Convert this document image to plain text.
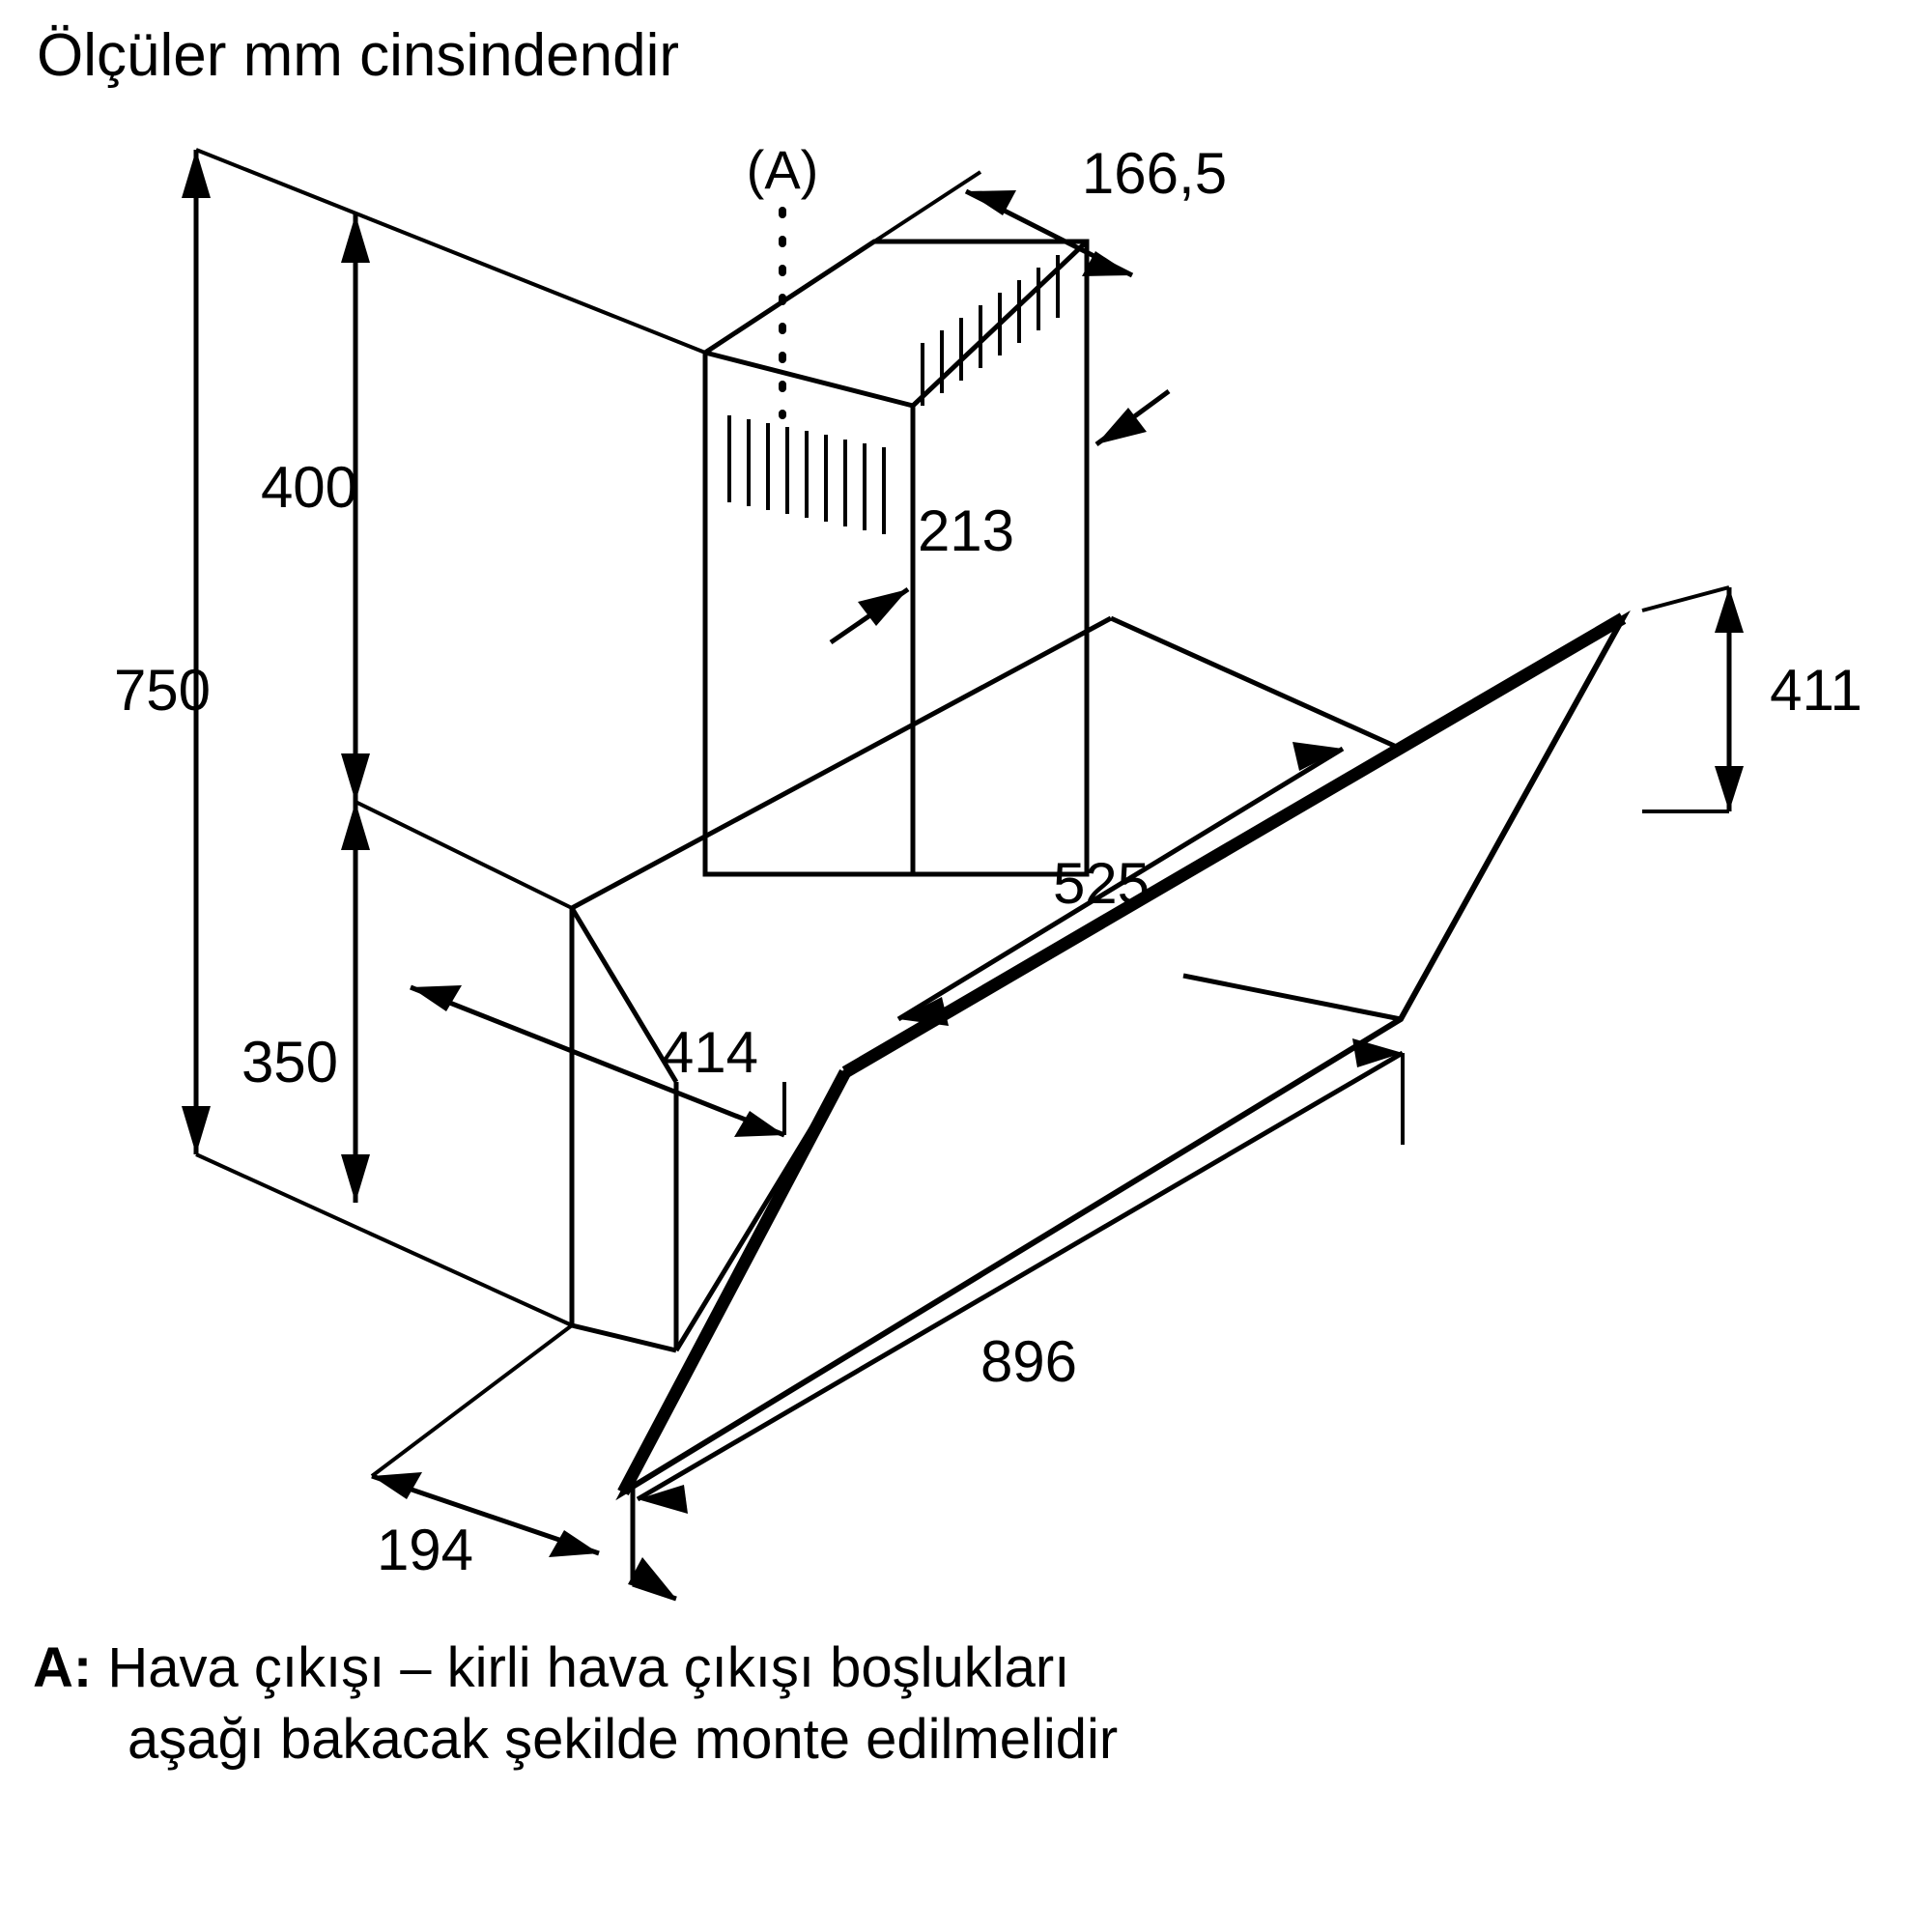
Ölçüler mm cinsindendir
750
400
350
166,5
213
411
525
414
896
194
(A)
A: Hava çıkışı – kirli hava çıkışı boşlukları
aşağı bakacak şekilde monte edilmelidir
